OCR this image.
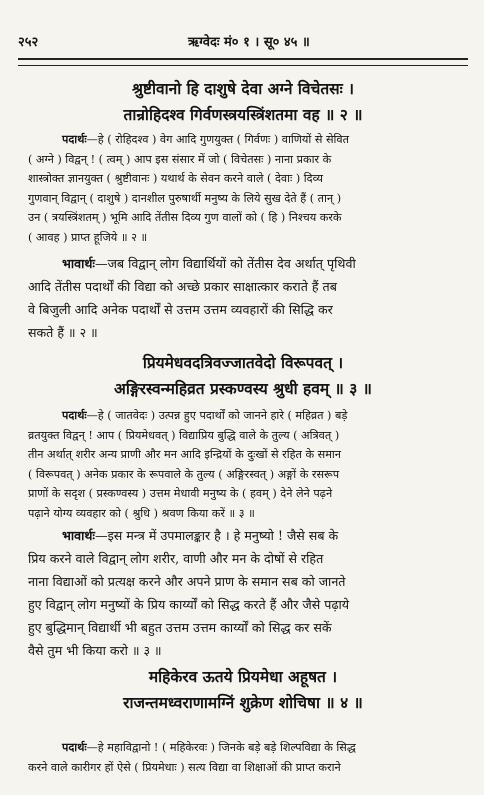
२५२	ऋग्वेदः मं० १ । सू० ४५ ॥
श्रुष्टीवानो हि दाशुषे देवा अग्ने विचेतसः ।
तान्रोहिदश्व गिर्वणस्त्रयस्त्रिंशतमा वह ॥ २ ॥
पदार्थः—हे ( रोहिदश्व ) वेग आदि गुणयुक्त ( गिर्वणः ) वाणियों से सेवित
( अग्ने ) विद्वन् ! ( त्वम् ) आप इस संसार में जो ( विचेतसः ) नाना प्रकार के
शास्त्रोक्त ज्ञानयुक्त ( श्रुष्टीवानः ) यथार्थ के सेवन करने वाले ( देवाः ) दिव्य
गुणवान् विद्वान् ( दाशुषे ) दानशील पुरुषार्थी मनुष्य के लिये सुख देते हैं ( तान् )
उन ( त्रयस्त्रिंशतम् ) भूमि आदि तेंतीस दिव्य गुण वालों को ( हि ) निश्चय करके
( आवह ) प्राप्त हूजिये ॥ २ ॥
भावार्थः—जब विद्वान् लोग विद्यार्थियों को तेंतीस देव अर्थात् पृथिवी
आदि तेंतीस पदार्थों की विद्या को अच्छे प्रकार साक्षात्कार कराते हैं तब
वे बिजुली आदि अनेक पदार्थों से उत्तम उत्तम व्यवहारों की सिद्धि कर
सकते हैं ॥ २ ॥
प्रियमेधवदत्रिवज्जातवेदो विरूपवत् ।
अङ्गिरस्वन्महिव्रत प्रस्कण्वस्य श्रुधी हवम् ॥ ३ ॥
पदार्थः—हे ( जातवेदः ) उत्पन्न हुए पदार्थों को जानने हारे ( महिव्रत ) बड़े
व्रतयुक्त विद्वन् ! आप ( प्रियमेधवत् ) विद्याप्रिय बुद्धि वाले के तुल्य ( अत्रिवत् )
तीन अर्थात् शरीर अन्य प्राणी और मन आदि इन्द्रियों के दुःखों से रहित के समान
( विरूपवत् ) अनेक प्रकार के रूपवाले के तुल्य ( अङ्गिरस्वत् ) अङ्गों के रसरूप
प्राणों के सदृश ( प्रस्कण्वस्य ) उत्तम मेधावी मनुष्य के ( हवम् ) देने लेने पढ़ने
पढ़ाने योग्य व्यवहार को ( श्रुधि ) श्रवण किया करें ॥ ३ ॥
भावार्थः—इस मन्त्र में उपमालङ्कार है । हे मनुष्यो ! जैसे सब के
प्रिय करने वाले विद्वान् लोग शरीर, वाणी और मन के दोषों से रहित
नाना विद्याओं को प्रत्यक्ष करने और अपने प्राण के समान सब को जानते
हुए विद्वान् लोग मनुष्यों के प्रिय कार्य्यों को सिद्ध करते हैं और जैसे पढ़ाये
हुए बुद्धिमान् विद्यार्थी भी बहुत उत्तम उत्तम कार्य्यों को सिद्ध कर सकें
वैसे तुम भी किया करो ॥ ३ ॥
महिकेरव ऊतये प्रियमेधा अहूषत ।
राजन्तमध्वराणामग्निं शुक्रेण शोचिषा ॥ ४ ॥
पदार्थः—हे महाविद्वानो ! ( महिकेरवः ) जिनके बड़े बड़े शिल्पविद्या के सिद्ध
करने वाले कारीगर हों ऐसे ( प्रियमेधाः ) सत्य विद्या वा शिक्षाओं की प्राप्त कराने
